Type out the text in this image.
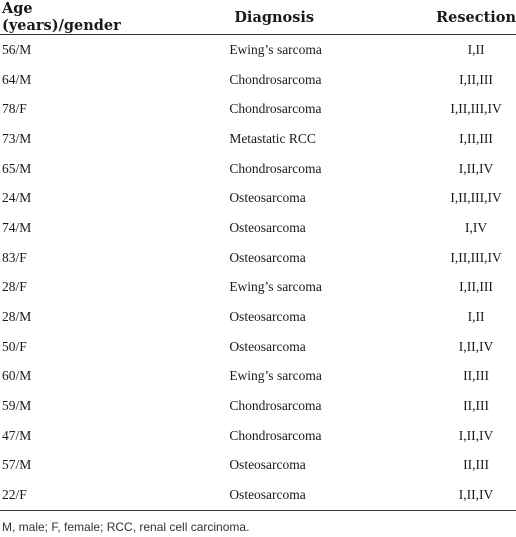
Age (years)/gender	Diagnosis	Resection
56/M	Ewing’s sarcoma	I,II
64/M	Chondrosarcoma	I,II,III
78/F	Chondrosarcoma	I,II,III,IV
73/M	Metastatic RCC	I,II,III
65/M	Chondrosarcoma	I,II,IV
24/M	Osteosarcoma	I,II,III,IV
74/M	Osteosarcoma	I,IV
83/F	Osteosarcoma	I,II,III,IV
28/F	Ewing’s sarcoma	I,II,III
28/M	Osteosarcoma	I,II
50/F	Osteosarcoma	I,II,IV
60/M	Ewing’s sarcoma	II,III
59/M	Chondrosarcoma	II,III
47/M	Chondrosarcoma	I,II,IV
57/M	Osteosarcoma	II,III
22/F	Osteosarcoma	I,II,IV
M, male; F, female; RCC, renal cell carcinoma.
